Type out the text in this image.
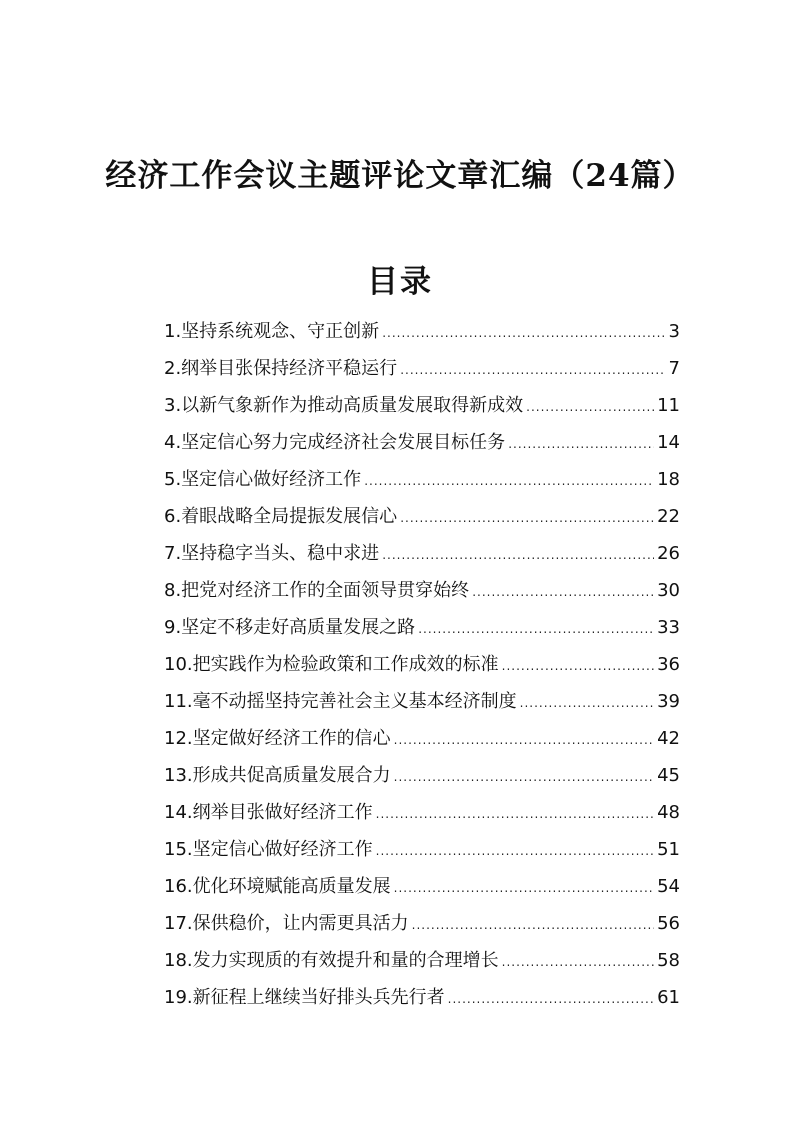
经济工作会议主题评论文章汇编（24篇）
目录
1.坚持系统观念、守正创新 .....	3
2.纲举目张保持经济平稳运行 .....	7
3.以新气象新作为推动高质量发展取得新成效 .....	11
4.坚定信心努力完成经济社会发展目标任务 .....	14
5.坚定信心做好经济工作 .....	18
6.着眼战略全局提振发展信心 .....	22
7.坚持稳字当头、稳中求进 .....	26
8.把党对经济工作的全面领导贯穿始终 .....	30
9.坚定不移走好高质量发展之路 .....	33
10.把实践作为检验政策和工作成效的标准 .....	36
11.毫不动摇坚持完善社会主义基本经济制度 .....	39
12.坚定做好经济工作的信心 .....	42
13.形成共促高质量发展合力 .....	45
14.纲举目张做好经济工作 .....	48
15.坚定信心做好经济工作 .....	51
16.优化环境赋能高质量发展 .....	54
17.保供稳价，让内需更具活力 .....	56
18.发力实现质的有效提升和量的合理增长 .....	58
19.新征程上继续当好排头兵先行者 .....	61
